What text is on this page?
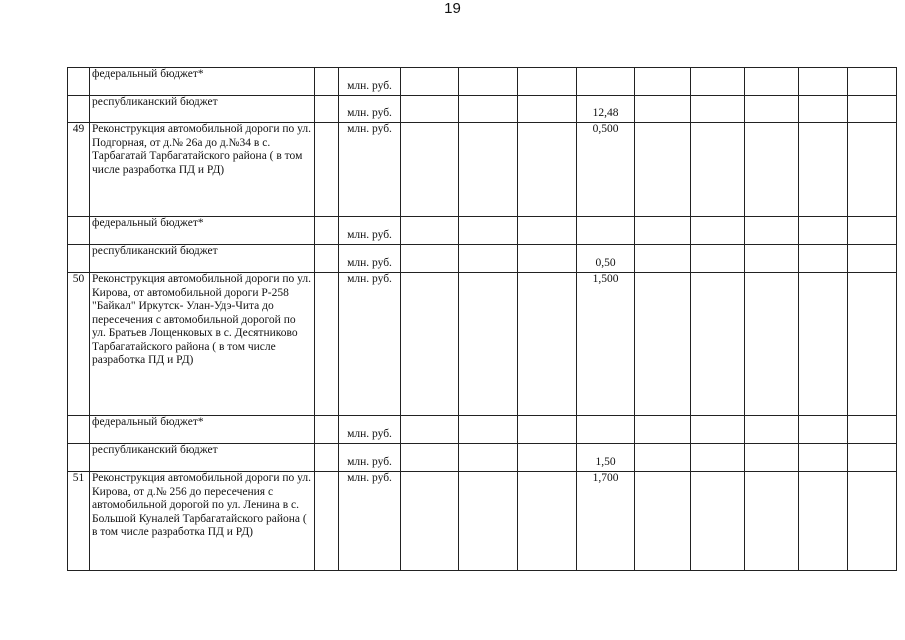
19
	федеральный бюджет*		млн. руб.									
	республиканский бюджет		млн. руб.				12,48					
49	Реконструкция автомобильной дороги по ул. Подгорная, от д.№ 26а до д.№34 в с. Тарбагатай Тарбагатайского района ( в том числе разработка ПД и РД)		млн. руб.				0,500					
	федеральный бюджет*		млн. руб.									
	республиканский бюджет		млн. руб.				0,50					
50	Реконструкция автомобильной дороги по ул. Кирова, от автомобильной дороги Р-258 "Байкал" Иркутск- Улан-Удэ-Чита до пересечения с автомобильной дорогой по ул. Братьев Лощенковых в с. Десятниково Тарбагатайского района ( в том числе разработка ПД и РД)		млн. руб.				1,500					
	федеральный бюджет*		млн. руб.									
	республиканский бюджет		млн. руб.				1,50					
51	Реконструкция автомобильной дороги по ул. Кирова, от д.№ 256 до пересечения с автомобильной дорогой по ул. Ленина в с. Большой Куналей Тарбагатайского района ( в том числе разработка ПД и РД)		млн. руб.				1,700					
